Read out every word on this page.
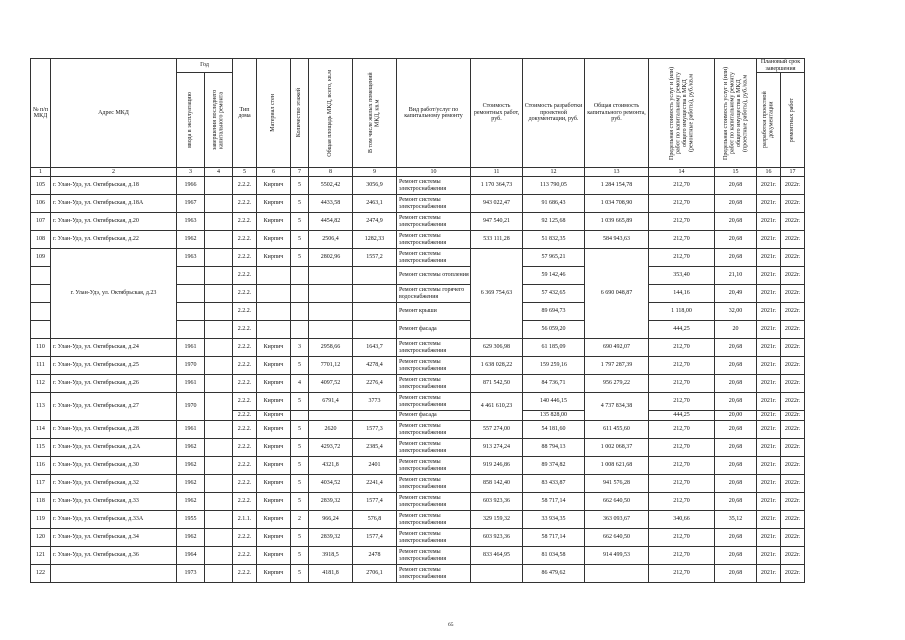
№ п/п МКД	Адрес МКД	Год		Тип дома	Материал стен	Количество этажей	Общая площадь МКД, всего, кв.м	В том числе жилых помещений МКД, кв.м	Вид работ/услуг по капитальному ремонту	Стоимость ремонтных работ, руб.	Стоимость разработки проектной документации, руб.	Общая стоимость капитального ремонта, руб.	Предельная стоимость услуг и (или) работ по капитальному ремонту общего имущества в МКД (ремонтные работы), руб./кв.м	Предельная стоимость услуг и (или) работ по капитальному ремонту общего имущества в МКД (проектные работы), руб./кв.м	Плановый срок завершения	

		ввода в эксплуатацию	завершения последнего капитального ремонта												разработки проектной документации	ремонтных работ

1	2	3	4	5	6	7	8	9	10	11	12	13	14	15	16	17
105	г. Улан-Удэ, ул. Октябрьская, д.18	1966		2.2.2.	Кирпич	5	5502,42	3056,9	Ремонт системы электроснабжения	1 170 364,73	113 790,05	1 284 154,78	212,70	20,68	2021г.	2022г.
106	г. Улан-Удэ, ул. Октябрьская, д.18А	1967		2.2.2.	Кирпич	5	4433,58	2463,1	Ремонт системы электроснабжения	943 022,47	91 686,43	1 034 708,90	212,70	20,68	2021г.	2022г.
107	г. Улан-Удэ, ул. Октябрьская, д.20	1963		2.2.2.	Кирпич	5	4454,82	2474,9	Ремонт системы электроснабжения	947 540,21	92 125,68	1 039 665,89	212,70	20,68	2021г.	2022г.
108	г. Улан-Удэ, ул. Октябрьская, д.22	1962		2.2.2.	Кирпич	5	2506,4	1282,33	Ремонт системы электроснабжения	533 111,28	51 832,35	584 943,63	212,70	20,68	2021г.	2022г.
109	г. Улан-Удэ, ул. Октябрьская, д.23	1963		2.2.2.	Кирпич	5	2802,96	1557,2	Ремонт системы электроснабжения	6 369 754,63	57 965,21	6 690 048,87	212,70	20,68	2021г.	2022г.
				2.2.2.					Ремонт системы отопления		59 142,46		353,40	21,10	2021г.	2022г.
				2.2.2.					Ремонт системы горячего водоснабжения		57 432,65		144,16	20,49	2021г.	2022г.
				2.2.2.					Ремонт крыши		89 694,73		1 118,00	32,00	2021г.	2022г.
				2.2.2.					Ремонт фасада		56 059,20		444,25	20	2021г.	2022г.
110	г. Улан-Удэ, ул. Октябрьская, д.24	1961		2.2.2.	Кирпич	3	2958,66	1643,7	Ремонт системы электроснабжения	629 306,98	61 185,09	690 492,07	212,70	20,68	2021г.	2022г.
111	г. Улан-Удэ, ул. Октябрьская, д.25	1970		2.2.2.	Кирпич	5	7701,12	4278,4	Ремонт системы электроснабжения	1 638 028,22	159 259,16	1 797 287,39	212,70	20,68	2021г.	2022г.
112	г. Улан-Удэ, ул. Октябрьская, д.26	1961		2.2.2.	Кирпич	4	4097,52	2276,4	Ремонт системы электроснабжения	871 542,50	84 736,71	956 279,22	212,70	20,68	2021г.	2022г.
113	г. Улан-Удэ, ул. Октябрьская, д.27	1970		2.2.2.	Кирпич	5	6791,4	3773	Ремонт системы электроснабжения	4 461 610,23	140 446,15	4 737 834,38	212,70	20,68	2021г.	2022г.
				2.2.2.	Кирпич				Ремонт фасада		135 828,00		444,25	20,00	2021г.	2022г.
114	г. Улан-Удэ, ул. Октябрьская, д.28	1961		2.2.2.	Кирпич	5	2620	1577,3	Ремонт системы электроснабжения	557 274,00	54 181,60	611 455,60	212,70	20,68	2021г.	2022г.
115	г. Улан-Удэ, ул. Октябрьская, д.2А	1962		2.2.2.	Кирпич	5	4293,72	2385,4	Ремонт системы электроснабжения	913 274,24	88 794,13	1 002 068,37	212,70	20,68	2021г.	2022г.
116	г. Улан-Удэ, ул. Октябрьская, д.30	1962		2.2.2.	Кирпич	5	4321,8	2401	Ремонт системы электроснабжения	919 246,86	89 374,82	1 008 621,68	212,70	20,68	2021г.	2022г.
117	г. Улан-Удэ, ул. Октябрьская, д.32	1962		2.2.2.	Кирпич	5	4034,52	2241,4	Ремонт системы электроснабжения	858 142,40	83 433,87	941 576,28	212,70	20,68	2021г.	2022г.
118	г. Улан-Удэ, ул. Октябрьская, д.33	1962		2.2.2.	Кирпич	5	2839,32	1577,4	Ремонт системы электроснабжения	603 923,36	58 717,14	662 640,50	212,70	20,68	2021г.	2022г.
119	г. Улан-Удэ, ул. Октябрьская, д.33А	1955		2.1.1.	Кирпич	2	966,24	576,8	Ремонт системы электроснабжения	329 159,32	33 934,35	363 093,67	340,66	35,12	2021г.	2022г.
120	г. Улан-Удэ, ул. Октябрьская, д.34	1962		2.2.2.	Кирпич	5	2839,32	1577,4	Ремонт системы электроснабжения	603 923,36	58 717,14	662 640,50	212,70	20,68	2021г.	2022г.
121	г. Улан-Удэ, ул. Октябрьская, д.36	1964		2.2.2.	Кирпич	5	3918,5	2478	Ремонт системы электроснабжения	833 464,95	81 034,58	914 499,53	212,70	20,68	2021г.	2022г.
122		1973		2.2.2.	Кирпич	5	4181,8	2706,1	Ремонт системы электроснабжения		86 479,62		212,70	20,68	2021г.	2022г.
65
